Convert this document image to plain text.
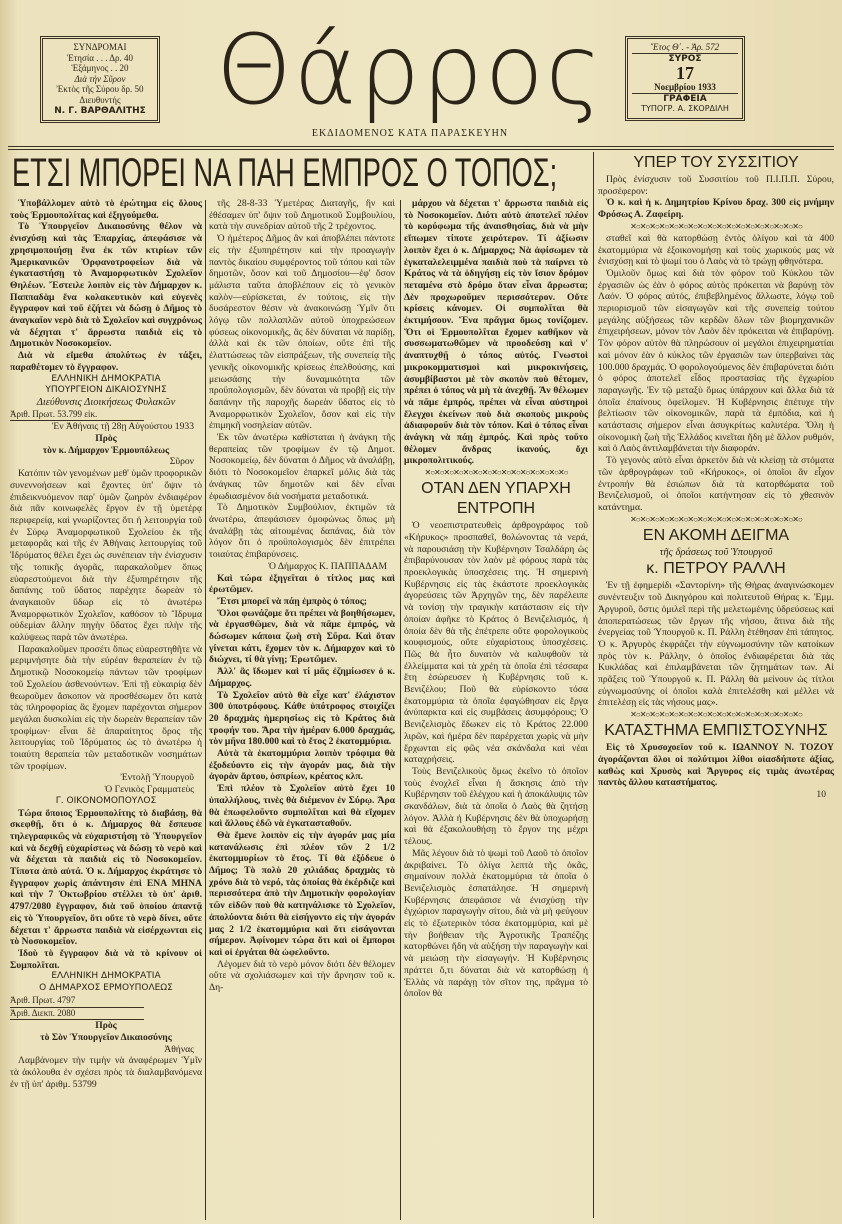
ΣΥΝΔΡΟΜΑΙ
Ἐτησία . . . Δρ. 40
Ἑξάμηνος . . 20
Διὰ τὴν Σῦρον
Ἐκτὸς τῆς Σύρου δρ. 50
Διευθυντής
Ν. Γ. ΒΑΡΘΑΛΙΤΗΣ Θάρρος
ΕΚΔΙΔΟΜΕΝΟΣ ΚΑΤΑ ΠΑΡΑΣΚΕΥΗΝ
Ἔτος Θ΄. - Ἀρ. 572
ΣΥΡΟΣ
17
Νοεμβρίου 1933
ΓΡΑΦΕΙΑ
ΤΥΠΟΓΡ. Α. ΣΚΟΡΔΙΛΗ
ΕΤΣΙ ΜΠΟΡΕΙ ΝΑ ΠΑΗ ΕΜΠΡΟΣ Ο ΤΟΠΟΣ;

Ὑποβάλλομεν αὐτὸ τὸ ἐρώτημα εἰς ὅλους τοὺς Ἑρμουπολίτας καὶ ἐξηγούμεθα.

Τὸ Ὑπουργεῖον Δικαιοσύνης θέλον νὰ ἐνισχύσῃ καὶ τὰς Ἐπαρχίας, ἀπεφάσισε νὰ χρησιμοποιήσῃ ἕνα ἐκ τῶν κτιρίων τῶν Ἀμερικανικῶν Ὀρφανοτροφείων διὰ νὰ ἐγκαταστήσῃ τὸ Ἀναμορφωτικὸν Σχολεῖον Θηλέων. Ἔστειλε λοιπὸν εἰς τὸν Δήμαρχον κ. Παππαδὰμ ἕνα κολακευτικὸν καὶ εὐγενὲς ἔγγραφον καὶ τοῦ ἐζήτει νὰ δώσῃ ὁ Δῆμος τὸ ἀναγκαῖον νερὸ διὰ τὸ Σχολεῖον καὶ συγχρόνως νὰ δέχηται τ' ἄρρωστα παιδιὰ εἰς τὸ Δημοτικὸν Νοσοκομεῖον.

Διὰ νὰ εἴμεθα ἀπολύτως ἐν τάξει, παραθέτομεν τὸ ἔγγραφον.

ΕΛΛΗΝΙΚΗ ΔΗΜΟΚΡΑΤΙΑ

ΥΠΟΥΡΓΕΙΟΝ ΔΙΚΑΙΟΣΥΝΗΣ

Διεύθυνσις Διοικήσεως Φυλακῶν

Ἀριθ. Πρωτ. 53.799 εἰκ.

Ἐν Ἀθήναις τῇ 28ῃ Αὐγούστου 1933

Πρὸς

τὸν κ. Δήμαρχον Ἑρμουπόλεως

Σῦρον

Κατόπιν τῶν γενομένων μεθ' ὑμῶν προφορικῶν συνεννοήσεων καὶ ἔχοντες ὑπ' ὄψιν τὸ ἐπιδεικνυόμενον παρ' ὑμῶν ζωηρὸν ἐνδιαφέρον διὰ πᾶν κοινωφελὲς ἔργον ἐν τῇ ὑμετέρᾳ περιφερείᾳ, καὶ γνωρίζοντες ὅτι ἡ λειτουργία τοῦ ἐν Σύρῳ Ἀναμορφωτικοῦ Σχολείου ἐκ τῆς μεταφορᾶς καὶ τῆς ἐν Ἀθήναις λειτουργίας τοῦ Ἱδρύματος θέλει ἔχει ὡς συνέπειαν τὴν ἐνίσχυσιν τῆς τοπικῆς ἀγορᾶς, παρακαλοῦμεν ὅπως εὐαρεστούμενοι διὰ τὴν ἐξυπηρέτησιν τῆς δαπάνης τοῦ ὕδατος παρέχητε δωρεὰν τὸ ἀναγκαιοῦν ὕδωρ εἰς τὸ ἀνωτέρω Ἀναμορφωτικὸν Σχολεῖον, καθόσον τὸ Ἵδρυμα οὐδεμίαν ἄλλην πηγὴν ὕδατος ἔχει πλὴν τῆς καλύψεως παρὰ τῶν ἀνωτέρω.

Παρακαλοῦμεν προσέτι ὅπως εὐαρεστηθῆτε νὰ μεριμνήσητε διὰ τὴν εὐρέαν θεραπείαν ἐν τῷ Δημοτικῷ Νοσοκομείῳ πάντων τῶν τροφίμων τοῦ Σχολείου ἀσθενούντων. Ἐπὶ τῇ εὐκαιρίᾳ δὲν θεωροῦμεν ἄσκοπον νὰ προσθέσωμεν ὅτι κατὰ τὰς πληροφορίας ἃς ἔχομεν παρέχονται σήμερον μεγάλαι δυσκολίαι εἰς τὴν δωρεὰν θεραπείαν τῶν τροφίμων· εἶναι δὲ ἀπαραίτητος ὅρος τῆς λειτουργίας τοῦ Ἱδρύματος ὡς τὸ ἀνωτέρω ἡ τοιαύτη θεραπεία τῶν μεταδοτικῶν νοσημάτων τῶν τροφίμων.

Ἐντολῇ Ὑπουργοῦ

Ὁ Γενικὸς Γραμματεὺς

Γ. ΟΙΚΟΝΟΜΟΠΟΥΛΟΣ

Τώρα ὅποιος Ἑρμουπολίτης τὸ διαβάσῃ, θὰ σκεφθῇ, ὅτι ὁ κ. Δήμαρχος θὰ ἔσπευσε τηλεγραφικῶς νὰ εὐχαριστήσῃ τὸ Ὑπουργεῖον καὶ νὰ δεχθῇ εὐχαρίστως νὰ δώσῃ τὸ νερὸ καὶ νὰ δέχεται τὰ παιδιὰ εἰς τὸ Νοσοκομεῖον. Τίποτα ἀπὸ αὐτά. Ὁ κ. Δήμαρχος ἐκράτησε τὸ ἔγγραφον χωρὶς ἀπάντησιν ἐπὶ ΕΝΑ ΜΗΝΑ καὶ τὴν 7 Ὀκτωβρίου στέλλει τὸ ὑπ' ἀριθ. 4797/2080 ἔγγραφον, διὰ τοῦ ὁποίου ἀπαντᾷ εἰς τὸ Ὑπουργεῖον, ὅτι οὔτε τὸ νερὸ δίνει, οὔτε δέχεται τ' ἄρρωστα παιδιὰ νὰ εἰσέρχωνται εἰς τὸ Νοσοκομεῖον.

Ἰδοὺ τὸ ἔγγραφον διὰ νὰ τὸ κρίνουν οἱ Συμπολῖται.

ΕΛΛΗΝΙΚΗ ΔΗΜΟΚΡΑΤΙΑ

Ο ΔΗΜΑΡΧΟΣ ΕΡΜΟΥΠΟΛΕΩΣ

Ἀριθ. Πρωτ. 4797

Ἀριθ. Διεκπ. 2080

Πρὸς

τὸ Σὸν Ὑπουργεῖον Δικαιοσύνης

Ἀθήνας

Λαμβάνομεν τὴν τιμὴν νὰ ἀναφέρωμεν Ὑμῖν τὰ ἀκόλουθα ἐν σχέσει πρὸς τὰ διαλαμβανόμενα ἐν τῇ ὑπ' ἀριθμ. 53799

τῆς 28-8-33 Ὑμετέρας Διαταγῆς, ἣν καὶ ἐθέσαμεν ὑπ' ὄψιν τοῦ Δημοτικοῦ Συμβουλίου, κατὰ τὴν συνεδρίαν αὐτοῦ τῆς 2 τρέχοντος.

Ὁ ἡμέτερος Δῆμος ἂν καὶ ἀποβλέπει πάντοτε εἰς τὴν ἐξυπηρέτησιν καὶ τὴν προαγωγὴν παντὸς δικαίου συμφέροντος τοῦ τόπου καὶ τῶν δημοτῶν, ὅσον καὶ τοῦ Δημοσίου—ἐφ' ὅσον μάλιστα ταῦτα ἀποβλέπουν εἰς τὸ γενικὸν καλὸν—εὑρίσκεται, ἐν τούτοις, εἰς τὴν δυσάρεστον θέσιν νὰ ἀνακοινώσῃ Ὑμῖν ὅτι λόγῳ τῶν πολλαπλῶν αὐτοῦ ὑποχρεώσεων φύσεως οἰκονομικῆς, ἃς δὲν δύναται νὰ παρίδῃ, ἀλλὰ καὶ ἐκ τῶν ὁποίων, οὔτε ἐπὶ τῆς ἐλαττώσεως τῶν εἰσπράξεων, τῆς συνεπείᾳ τῆς γενικῆς οἰκονομικῆς κρίσεως ἐπελθούσης, καὶ μειωσάσης τὴν δυναμικότητα τῶν προϋπολογισμῶν, δὲν δύναται νὰ προβῇ εἰς τὴν δαπάνην τῆς παροχῆς δωρεὰν ὕδατος εἰς τὸ Ἀναμορφωτικὸν Σχολεῖον, ὅσον καὶ εἰς τὴν ἐπιμηκῆ νοσηλείαν αὐτῶν.

Ἐκ τῶν ἀνωτέρω καθίσταται ἡ ἀνάγκη τῆς θεραπείας τῶν τροφίμων ἐν τῷ Δημοτ. Νοσοκομείῳ, δὲν δύναται ὁ Δῆμος νὰ ἀναλάβῃ, διότι τὸ Νοσοκομεῖον ἐπαρκεῖ μόλις διὰ τὰς ἀνάγκας τῶν δημοτῶν καὶ δὲν εἶναι ἐφωδιασμένον διὰ νοσήματα μεταδοτικά.

Τὸ Δημοτικὸν Συμβούλιον, ἐκτιμῶν τὰ ἀνωτέρω, ἀπεφάσισεν ὁμοφώνως ὅπως μὴ ἀναλάβῃ τὰς αἰτουμένας δαπάνας, διὰ τὸν λόγον ὅτι ὁ προϋπολογισμὸς δὲν ἐπιτρέπει τοιαύτας ἐπιβαρύνσεις.

Ὁ Δήμαρχος Κ. ΠΑΠΠΑΔΑΜ

Καὶ τώρα ἐξηγεῖται ὁ τίτλος μας καὶ ἐρωτῶμεν.

Ἔτσι μπορεῖ νὰ πάῃ ἐμπρὸς ὁ τόπος;

Ὅλοι φωνάζομε ὅτι πρέπει νὰ βοηθήσωμεν, νὰ ἐργασθῶμεν, διὰ νὰ πᾶμε ἐμπρός, νὰ δώσωμεν κάποια ζωὴ στὴ Σῦρα. Καὶ ὅταν γίνεται κάτι, ἔχομεν τὸν κ. Δήμαρχον καὶ τὸ διώχνει, τί θὰ γίνῃ; Ἐρωτῶμεν.

Ἀλλ' ἂς ἴδωμεν καὶ τί μᾶς ἐζημίωσεν ὁ κ. Δήμαρχος.

Τὸ Σχολεῖον αὐτὸ θὰ εἶχε κατ' ἐλάχιστον 300 ὑποτρόφους. Κάθε ὑπότροφος στοιχίζει 20 δραχμὰς ἡμερησίως εἰς τὸ Κράτος διὰ τροφήν του. Ἄρα τὴν ἡμέραν 6.000 δραχμάς, τὸν μῆνα 180.000 καὶ τὸ ἔτος 2 ἑκατομμύρια.

Αὐτὰ τὰ ἑκατομμύρια λοιπὸν τρόφιμα θὰ ἐξοδεύοντο εἰς τὴν ἀγοράν μας, διὰ τὴν ἀγορὰν ἄρτου, ὀσπρίων, κρέατος κλπ.

Ἐπὶ πλέον τὸ Σχολεῖον αὐτὸ ἔχει 10 ὑπαλλήλους, τινὲς θὰ διέμενον ἐν Σύρῳ. Ἄρα θὰ ἐπωφελοῦντο συμπολῖται καὶ θὰ εἴχομεν καὶ ἄλλους ἐδῶ νὰ ἐγκατασταθοῦν.

Θὰ ἔμενε λοιπὸν εἰς τὴν ἀγοράν μας μία κατανάλωσις ἐπὶ πλέον τῶν 2 1/2 ἑκατομμυρίων τὸ ἔτος. Τί θὰ ἐξόδευε ὁ Δῆμος; Τὸ πολὺ 20 χιλιάδας δραχμὰς τὸ χρόνο διὰ τὸ νερό, τὰς ὁποίας θὰ ἐκέρδιζε καὶ περισσότερα ἀπὸ τὴν Δημοτικὴν φορολογίαν τῶν εἰδῶν ποὺ θὰ κατηνάλισκε τὸ Σχολεῖον, ἀπολύοντα διότι θὰ εἰσήγοντο εἰς τὴν ἀγοράν μας 2 1/2 ἑκατομμύρια καὶ ὅτι εἰσάγονται σήμερον. Ἀφίνομεν τώρα ὅτι καὶ οἱ ἔμποροι καὶ οἱ ἐργάται θὰ ὠφελοῦντο.

Λέγομεν διὰ τὸ νερὸ μόνον διότι δὲν θέλομεν οὔτε νὰ σχολιάσωμεν καὶ τὴν ἄρνησιν τοῦ κ. Δη-

μάρχου νὰ δέχεται τ' ἄρρωστα παιδιὰ εἰς τὸ Νοσοκομεῖον. Διότι αὐτὸ ἀποτελεῖ πλέον τὸ κορύφωμα τῆς ἀναισθησίας, διὰ νὰ μὴν εἴπωμεν τίποτε χειρότερον. Τί ἀξίωσιν λοιπὸν ἔχει ὁ κ. Δήμαρχος; Νὰ ἀφίσωμεν τὰ ἐγκαταλελειμμένα παιδιὰ ποὺ τὰ παίρνει τὸ Κράτος νὰ τὰ ὁδηγήσῃ εἰς τὸν ἴσιον δρόμον πεταμένα στὸ δρόμο ὅταν εἶναι ἄρρωστα; Δὲν προχωροῦμεν περισσότερον. Οὔτε κρίσεις κάνομεν. Οἱ συμπολῖται θὰ ἐκτιμήσουν. Ἕνα πρᾶγμα ὅμως τονίζομεν. Ὅτι οἱ Ἑρμουπολῖται ἔχομεν καθῆκον νὰ συσσωματωθῶμεν νὰ προοδεύσῃ καὶ ν' ἀναπτυχθῇ ὁ τόπος αὐτός. Γνωστοὶ μικροκομματισμοὶ καὶ μικροκινήσεις, ἀσυμβίβαστοι μὲ τὸν σκοπὸν ποὺ θέτομεν, πρέπει ὁ τόπος νὰ μὴ τὰ ἀνεχθῇ. Ἂν θέλωμεν νὰ πᾶμε ἐμπρός, πρέπει νὰ εἶναι αὐστηροὶ ἔλεγχοι ἐκείνων ποὺ διὰ σκοποὺς μικροὺς ἀδιαφοροῦν διὰ τὸν τόπον. Καὶ ὁ τόπος εἶναι ἀνάγκη νὰ πάῃ ἐμπρός. Καὶ πρὸς τοῦτο θέλομεν ἄνδρας ἱκανούς, ὄχι μικροπολιτικούς.

✕○✕○✕○✕○✕○✕○✕○✕○✕○✕○✕○✕○✕○✕○✕○

ΟΤΑΝ ΔΕΝ ΥΠΑΡΧΗ ΕΝΤΡΟΠΗ

Ὁ νεοεπιστρατευθεὶς ἀρθρογράφος τοῦ «Κήρυκος» προσπαθεῖ, θολώνοντας τὰ νερά, νὰ παρουσιάσῃ τὴν Κυβέρνησιν Τσαλδάρη ὡς ἐπιβαρύνουσαν τὸν λαὸν μὲ φόρους παρὰ τὰς προεκλογικὰς ὑποσχέσεις της. Ἡ σημερινὴ Κυβέρνησις εἰς τὰς ἑκάστοτε προεκλογικὰς ἀγορεύσεις τῶν Ἀρχηγῶν της, δὲν παρέλειπε νὰ τονίσῃ τὴν τραγικὴν κατάστασιν εἰς τὴν ὁποίαν ἀφῆκε τὸ Κράτος ὁ Βενιζελισμός, ἡ ὁποία δὲν θὰ τῆς ἐπέτρεπε οὔτε φορολογικοὺς κουφισμούς, οὔτε εὐχαρίστους ὑποσχέσεις. Πῶς θὰ ἦτο δυνατὸν νὰ καλυφθοῦν τὰ ἐλλείμματα καὶ τὰ χρέη τὰ ὁποῖα ἐπὶ τέσσαρα ἔτη ἐσώρευσεν ἡ Κυβέρνησις τοῦ κ. Βενιζέλου; Ποῦ θὰ εὑρίσκοντο τόσα ἑκατομμύρια τὰ ὁποῖα ἐφαγώθησαν εἰς ἔργα ἀνύπαρκτα καὶ εἰς συμβάσεις ἀσυμφόρους; Ὁ Βενιζελισμὸς ἔδωκεν εἰς τὸ Κράτος 22.000 λιρῶν, καὶ ἡμέρα δὲν παρέρχεται χωρὶς νὰ μὴν ἔρχωνται εἰς φῶς νέα σκάνδαλα καὶ νέαι καταχρήσεις.

Τοὺς Βενιζελικοὺς ὅμως ἐκεῖνο τὸ ὁποῖον τοὺς ἐνοχλεῖ εἶναι ἡ ἄσκησις ἀπὸ τὴν Κυβέρνησιν τοῦ ἐλέγχου καὶ ἡ ἀποκάλυψις τῶν σκανδάλων, διὰ τὰ ὁποῖα ὁ Λαὸς θὰ ζητήσῃ λόγον. Ἀλλὰ ἡ Κυβέρνησις δὲν θὰ ὑποχωρήσῃ καὶ θὰ ἐξακολουθήσῃ τὸ ἔργον της μέχρι τέλους.

Μᾶς λέγουν διὰ τὸ ψωμὶ τοῦ Λαοῦ τὸ ὁποῖον ἀκριβαίνει. Τὸ ὀλίγα λεπτὰ τῆς ὀκᾶς, σημαίνουν πολλὰ ἑκατομμύρια τὰ ὁποῖα ὁ Βενιζελισμὸς ἐσπατάλησε. Ἡ σημερινὴ Κυβέρνησις ἀπεφάσισε νὰ ἐνισχύσῃ τὴν ἐγχώριον παραγωγὴν σίτου, διὰ νὰ μὴ φεύγουν εἰς τὸ ἐξωτερικὸν τόσα ἑκατομμύρια, καὶ μὲ τὴν βοήθειαν τῆς Ἀγροτικῆς Τραπέζης κατορθώνει ἤδη νὰ αὐξήσῃ τὴν παραγωγὴν καὶ νὰ μειώσῃ τὴν εἰσαγωγήν. Ἡ Κυβέρνησις πράττει ὅ,τι δύναται διὰ νὰ κατορθώσῃ ἡ Ἑλλὰς νὰ παράγῃ τὸν σῖτον της, πρᾶγμα τὸ ὁποῖον θὰ

ΥΠΕΡ ΤΟΥ ΣΥΣΣΙΤΙΟΥ

Πρὸς ἐνίσχυσιν τοῦ Συσσιτίου τοῦ Π.Ι.Π.Π. Σύρου, προσέφερον:

Ὁ κ. καὶ ἡ κ. Δημητρίου Κρίνου δραχ. 300 εἰς μνήμην Φρόσως Α. Ζαφείρη.

✕○✕○✕○✕○✕○✕○✕○✕○✕○✕○✕○✕○✕○✕○✕○✕○✕○✕○

σταθεῖ καὶ θὰ κατορθώσῃ ἐντὸς ὀλίγου καὶ τὰ 400 ἑκατομμύρια νὰ ἐξοικονομήσῃ καὶ τοὺς χωρικούς μας νὰ ἐνισχύσῃ καὶ τὸ ψωμί του ὁ Λαὸς νὰ τὸ τρώγῃ φθηνότερα.

Ὁμιλοῦν ὅμως καὶ διὰ τὸν φόρον τοῦ Κύκλου τῶν ἐργασιῶν ὡς ἐὰν ὁ φόρος αὐτὸς πρόκειται νὰ βαρύνῃ τὸν Λαόν. Ὁ φόρος αὐτός, ἐπιβεβλημένος ἄλλωστε, λόγῳ τοῦ περιορισμοῦ τῶν εἰσαγωγῶν καὶ τῆς συνεπείᾳ τούτου μεγάλης αὐξήσεως τῶν κερδῶν ὅλων τῶν βιομηχανικῶν ἐπιχειρήσεων, μόνον τὸν Λαὸν δὲν πρόκειται νὰ ἐπιβαρύνῃ. Τὸν φόρον αὐτὸν θὰ πληρώσουν οἱ μεγάλοι ἐπιχειρηματίαι καὶ μόνον ἐὰν ὁ κύκλος τῶν ἐργασιῶν των ὑπερβαίνει τὰς 100.000 δραχμάς. Ὁ φορολογούμενος δὲν ἐπιβαρύνεται διότι ὁ φόρος ἀποτελεῖ εἶδος προστασίας τῆς ἐγχωρίου παραγωγῆς. Ἐν τῷ μεταξὺ ὅμως ὑπάρχουν καὶ ἄλλα διὰ τὰ ὁποῖα ἐπαίνους ὀφείλομεν. Ἡ Κυβέρνησις ἐπέτυχε τὴν βελτίωσιν τῶν οἰκονομικῶν, παρὰ τὰ ἐμπόδια, καὶ ἡ κατάστασις σήμερον εἶναι ἀσυγκρίτως καλυτέρα. Ὅλη ἡ οἰκονομικὴ ζωὴ τῆς Ἑλλάδος κινεῖται ἤδη μὲ ἄλλον ρυθμόν, καὶ ὁ Λαὸς ἀντιλαμβάνεται τὴν διαφοράν.

Τὸ γεγονὸς αὐτὸ εἶναι ἀρκετὸν διὰ νὰ κλείσῃ τὰ στόματα τῶν ἀρθρογράφων τοῦ «Κήρυκος», οἱ ὁποῖοι ἂν εἶχον ἐντροπήν θὰ ἐσιώπων διὰ τὰ κατορθώματα τοῦ Βενιζελισμοῦ, οἱ ὁποῖοι κατήντησαν εἰς τὸ χθεσινὸν κατάντημα.

✕○✕○✕○✕○✕○✕○✕○✕○✕○✕○✕○✕○✕○✕○✕○✕○✕○✕○

ΕΝ ΑΚΟΜΗ ΔΕΙΓΜΑ

τῆς δράσεως τοῦ Ὑπουργοῦ

κ. ΠΕΤΡΟΥ ΡΑΛΛΗ

Ἐν τῇ ἐφημερίδι «Σαντορίνη» τῆς Θήρας ἀναγινώσκομεν συνέντευξιν τοῦ Δικηγόρου καὶ πολιτευτοῦ Θήρας κ. Ἐμμ. Ἀργυροῦ, ὅστις ὁμιλεῖ περὶ τῆς μελετωμένης ὑδρεύσεως καὶ ἀποπερατώσεως τῶν ἔργων τῆς νήσου, ἅτινα διὰ τῆς ἐνεργείας τοῦ Ὑπουργοῦ κ. Π. Ράλλη ἐτέθησαν ἐπὶ τάπητος. Ὁ κ. Ἀργυρὸς ἐκφράζει τὴν εὐγνωμοσύνην τῶν κατοίκων πρὸς τὸν κ. Ράλλην, ὁ ὁποῖος ἐνδιαφέρεται διὰ τὰς Κυκλάδας καὶ ἐπιλαμβάνεται τῶν ζητημάτων των. Αἱ πρᾶξεις τοῦ Ὑπουργοῦ κ. Π. Ράλλη θὰ μείνουν ὡς τίτλοι εὐγνωμοσύνης οἱ ὁποῖοι καλὰ ἐπιτελέσθη καὶ μέλλει νὰ ἐπιτελέσῃ εἰς τὰς νήσους μας».

✕○✕○✕○✕○✕○✕○✕○✕○✕○✕○✕○✕○✕○✕○✕○✕○✕○✕○

ΚΑΤΑΣΤΗΜΑ ΕΜΠΙΣΤΟΣΥΝΗΣ

Εἰς τὸ Χρυσοχοεῖον τοῦ κ. ΙΩΑΝΝΟΥ Ν. ΤΟΖΟΥ ἀγοράζονται ὅλοι οἱ πολύτιμοι λίθοι οἱασδήποτε ἀξίας, καθὼς καὶ Χρυσὸς καὶ Ἄργυρος εἰς τιμὰς ἀνωτέρας παντὸς ἄλλου καταστήματος.

10
